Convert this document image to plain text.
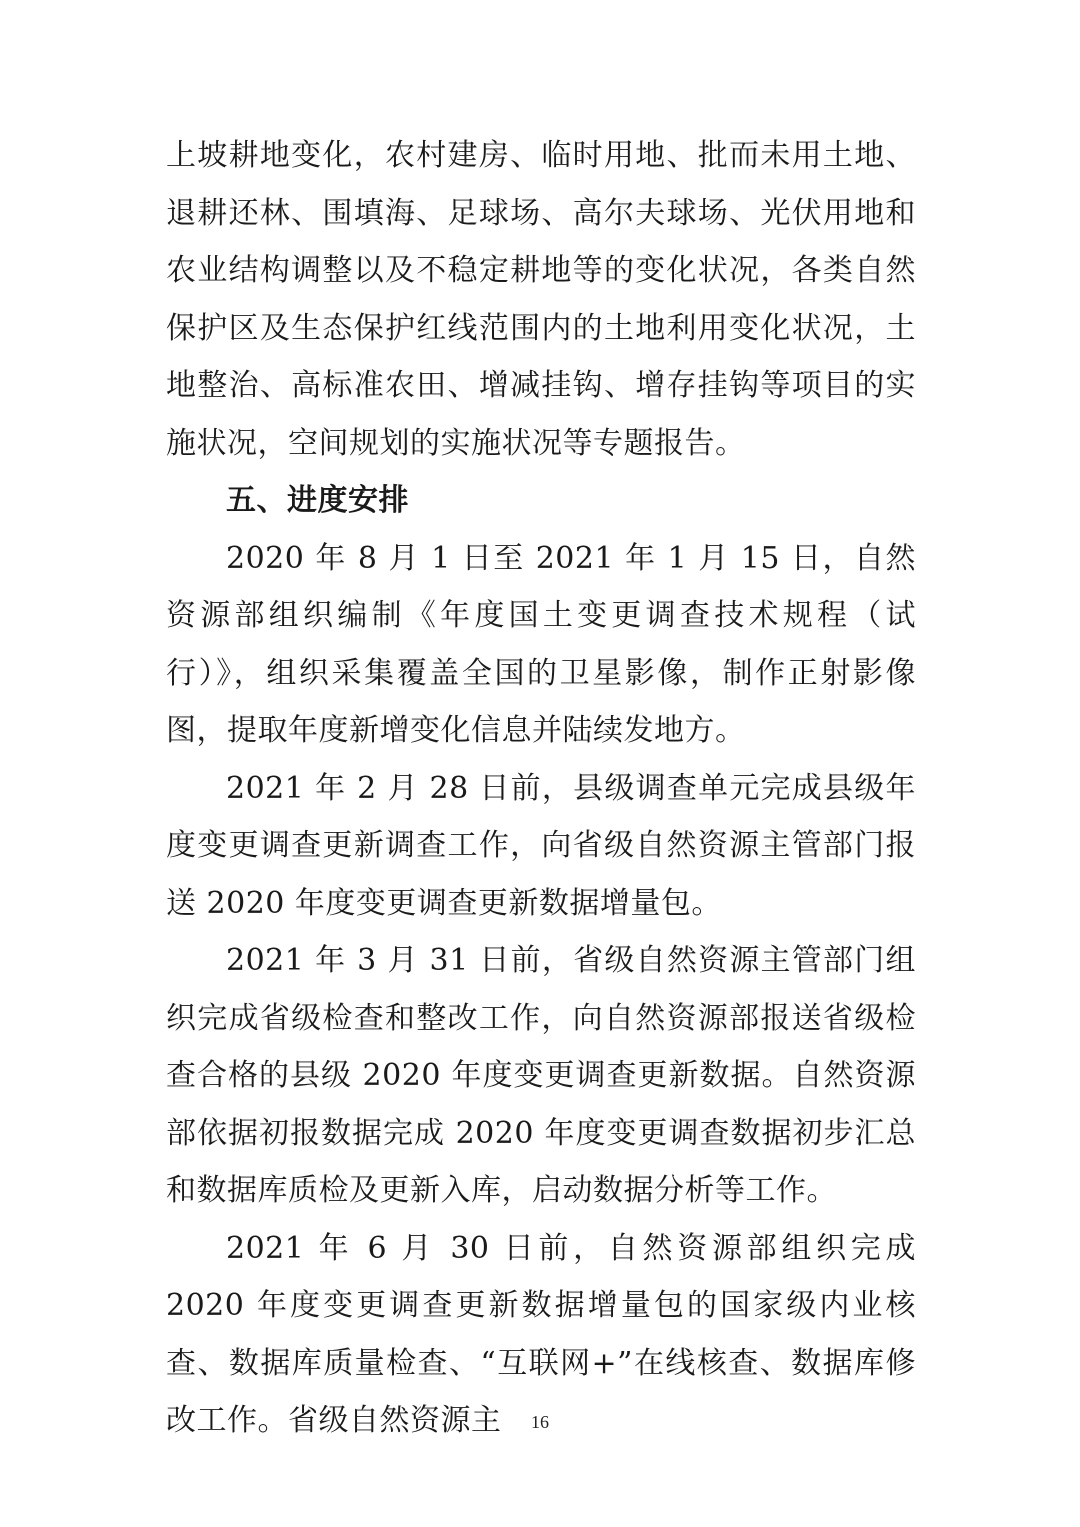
上坡耕地变化，农村建房、临时用地、批而未用土地、退耕还林、围填海、足球场、高尔夫球场、光伏用地和农业结构调整以及不稳定耕地等的变化状况，各类自然保护区及生态保护红线范围内的土地利用变化状况，土地整治、高标准农田、增减挂钩、增存挂钩等项目的实施状况，空间规划的实施状况等专题报告。

五、进度安排

2020 年 8 月 1 日至 2021 年 1 月 15 日，自然资源部组织编制《年度国土变更调查技术规程（试行）》，组织采集覆盖全国的卫星影像，制作正射影像图，提取年度新增变化信息并陆续发地方。

2021 年 2 月 28 日前，县级调查单元完成县级年度变更调查更新调查工作，向省级自然资源主管部门报送 2020 年度变更调查更新数据增量包。

2021 年 3 月 31 日前，省级自然资源主管部门组织完成省级检查和整改工作，向自然资源部报送省级检查合格的县级 2020 年度变更调查更新数据。自然资源部依据初报数据完成 2020 年度变更调查数据初步汇总和数据库质检及更新入库，启动数据分析等工作。

2021 年 6 月 30 日前，自然资源部组织完成 2020 年度变更调查更新数据增量包的国家级内业核查、数据库质量检查、“互联网+”在线核查、数据库修改工作。省级自然资源主	16
